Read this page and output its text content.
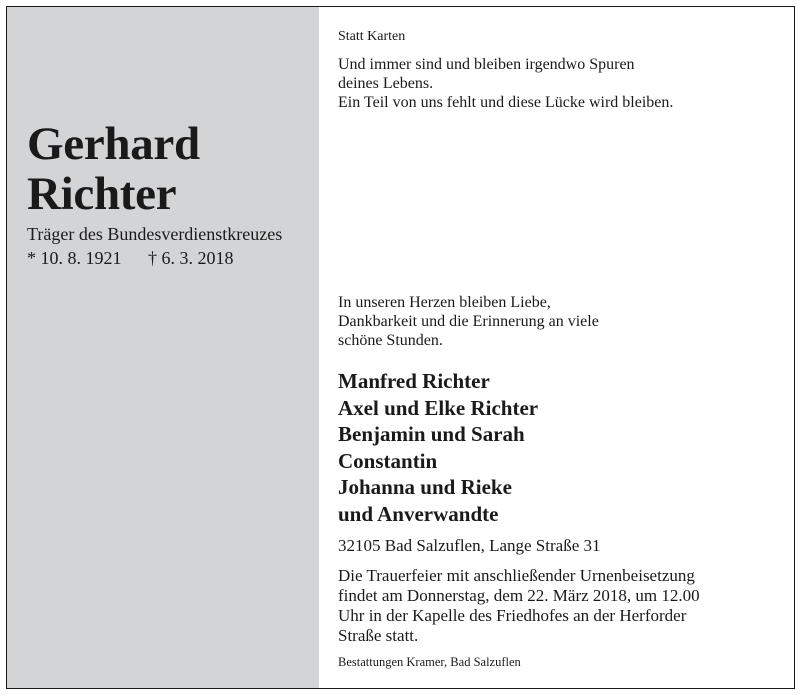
Gerhard
Richter
Träger des Bundesverdienstkreuzes
* 10. 8. 1921 † 6. 3. 2018
Statt Karten

Und immer sind und bleiben irgendwo Spuren
deines Lebens.
Ein Teil von uns fehlt und diese Lücke wird bleiben.

In unseren Herzen bleiben Liebe,
Dankbarkeit und die Erinnerung an viele
schöne Stunden.

Manfred Richter
Axel und Elke Richter
Benjamin und Sarah
Constantin
Johanna und Rieke
und Anverwandte
32105 Bad Salzuflen, Lange Straße 31

Die Trauerfeier mit anschließender Urnenbeisetzung
findet am Donnerstag, dem 22. März 2018, um 12.00
Uhr in der Kapelle des Friedhofes an der Herforder
Straße statt.

Bestattungen Kramer, Bad Salzuflen
